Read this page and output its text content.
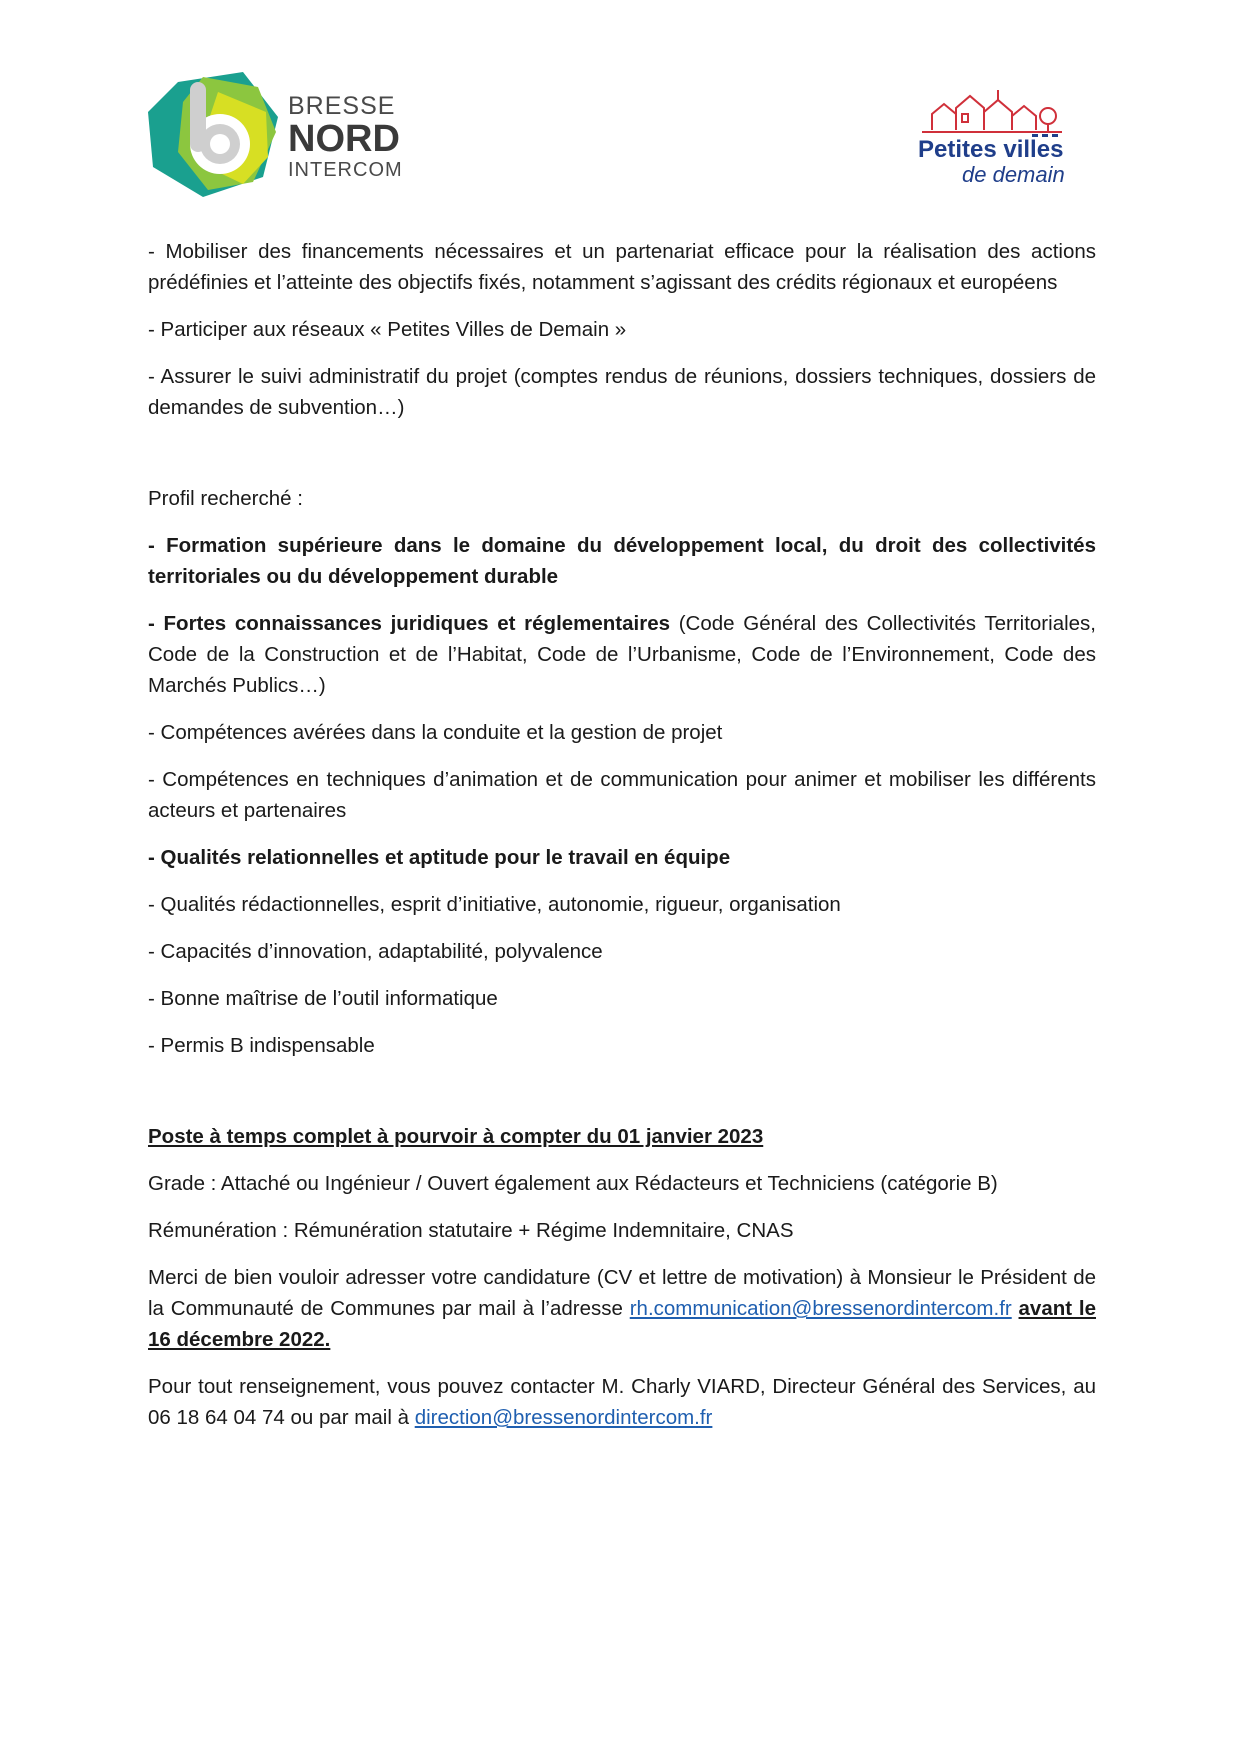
BRESSE
NORD
INTERCOM
Petites villes
de demain

- Mobiliser des financements nécessaires et un partenariat efficace pour la réalisation des actions prédéfinies et l’atteinte des objectifs fixés, notamment s’agissant des crédits régionaux et européens

- Participer aux réseaux « Petites Villes de Demain »

- Assurer le suivi administratif du projet (comptes rendus de réunions, dossiers techniques, dossiers de demandes de subvention…)

Profil recherché :

- Formation supérieure dans le domaine du développement local, du droit des collectivités territoriales ou du développement durable

- Fortes connaissances juridiques et réglementaires (Code Général des Collectivités Territoriales, Code de la Construction et de l’Habitat, Code de l’Urbanisme, Code de l’Environnement, Code des Marchés Publics…)

- Compétences avérées dans la conduite et la gestion de projet

- Compétences en techniques d’animation et de communication pour animer et mobiliser les différents acteurs et partenaires

- Qualités relationnelles et aptitude pour le travail en équipe

- Qualités rédactionnelles, esprit d’initiative, autonomie, rigueur, organisation

- Capacités d’innovation, adaptabilité, polyvalence

- Bonne maîtrise de l’outil informatique

- Permis B indispensable

Poste à temps complet à pourvoir à compter du 01 janvier 2023

Grade : Attaché ou Ingénieur / Ouvert également aux Rédacteurs et Techniciens (catégorie B)

Rémunération : Rémunération statutaire + Régime Indemnitaire, CNAS

Merci de bien vouloir adresser votre candidature (CV et lettre de motivation) à Monsieur le Président de la Communauté de Communes par mail à l’adresse rh.communication@bressenordintercom.fr avant le 16 décembre 2022.

Pour tout renseignement, vous pouvez contacter M. Charly VIARD, Directeur Général des Services, au 06 18 64 04 74 ou par mail à direction@bressenordintercom.fr
